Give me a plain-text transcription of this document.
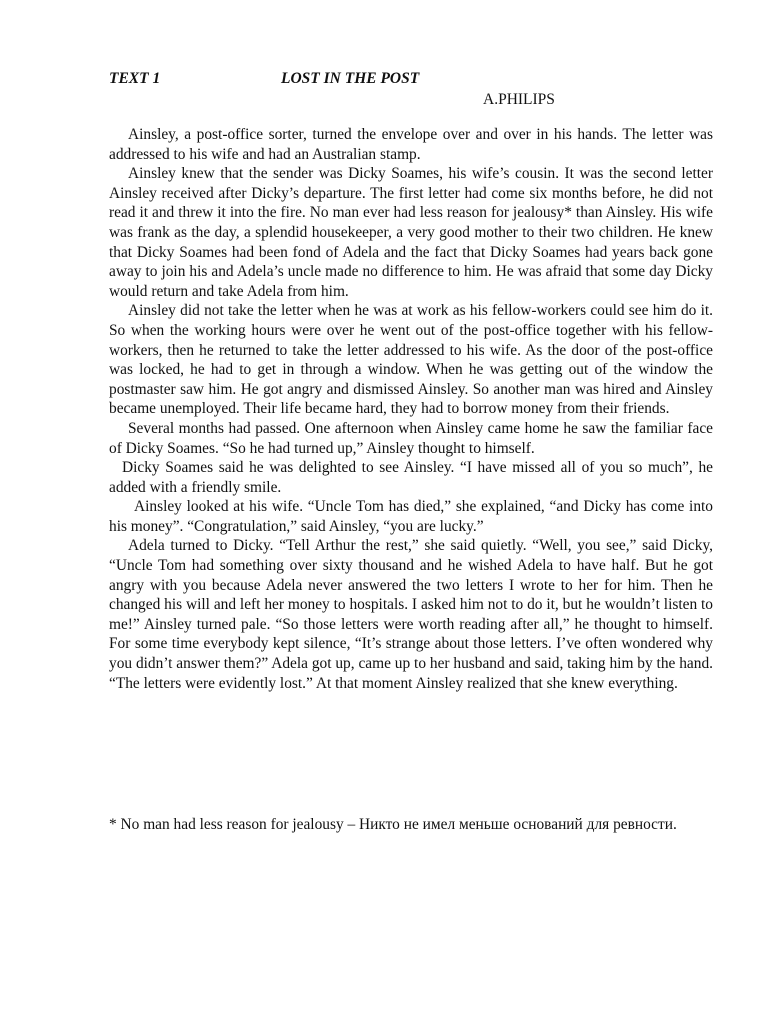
TEXT 1	LOST IN THE POST
A.PHILIPS

Ainsley, a post-office sorter, turned the envelope over and over in his hands. The letter was addressed to his wife and had an Australian stamp.

Ainsley knew that the sender was Dicky Soames, his wife’s cousin. It was the second letter Ainsley received after Dicky’s departure. The first letter had come six months before, he did not read it and threw it into the fire. No man ever had less reason for jealousy* than Ainsley. His wife was frank as the day, a splendid housekeeper, a very good mother to their two children. He knew that Dicky Soames had been fond of Adela and the fact that Dicky Soames had years back gone away to join his and Adela’s uncle made no difference to him. He was afraid that some day Dicky would return and take Adela from him.

Ainsley did not take the letter when he was at work as his fellow-workers could see him do it. So when the working hours were over he went out of the post-office together with his fellow-workers, then he returned to take the letter addressed to his wife. As the door of the post-office was locked, he had to get in through a window. When he was getting out of the window the postmaster saw him. He got angry and dismissed Ainsley. So another man was hired and Ainsley became unemployed. Their life became hard, they had to borrow money from their friends.

Several months had passed. One afternoon when Ainsley came home he saw the familiar face of Dicky Soames. “So he had turned up,” Ainsley thought to himself.

Dicky Soames said he was delighted to see Ainsley. “I have missed all of you so much”, he added with a friendly smile.

Ainsley looked at his wife. “Uncle Tom has died,” she explained, “and Dicky has come into his money”. “Congratulation,” said Ainsley, “you are lucky.”

Adela turned to Dicky. “Tell Arthur the rest,” she said quietly. “Well, you see,” said Dicky, “Uncle Tom had something over sixty thousand and he wished Adela to have half. But he got angry with you because Adela never answered the two letters I wrote to her for him. Then he changed his will and left her money to hospitals. I asked him not to do it, but he wouldn’t listen to me!” Ainsley turned pale. “So those letters were worth reading after all,” he thought to himself. For some time everybody kept silence, “It’s strange about those letters. I’ve often wondered why you didn’t answer them?” Adela got up, came up to her husband and said, taking him by the hand. “The letters were evidently lost.” At that moment Ainsley realized that she knew everything.

* No man had less reason for jealousy – Никто не имел меньше оснований для ревности.
